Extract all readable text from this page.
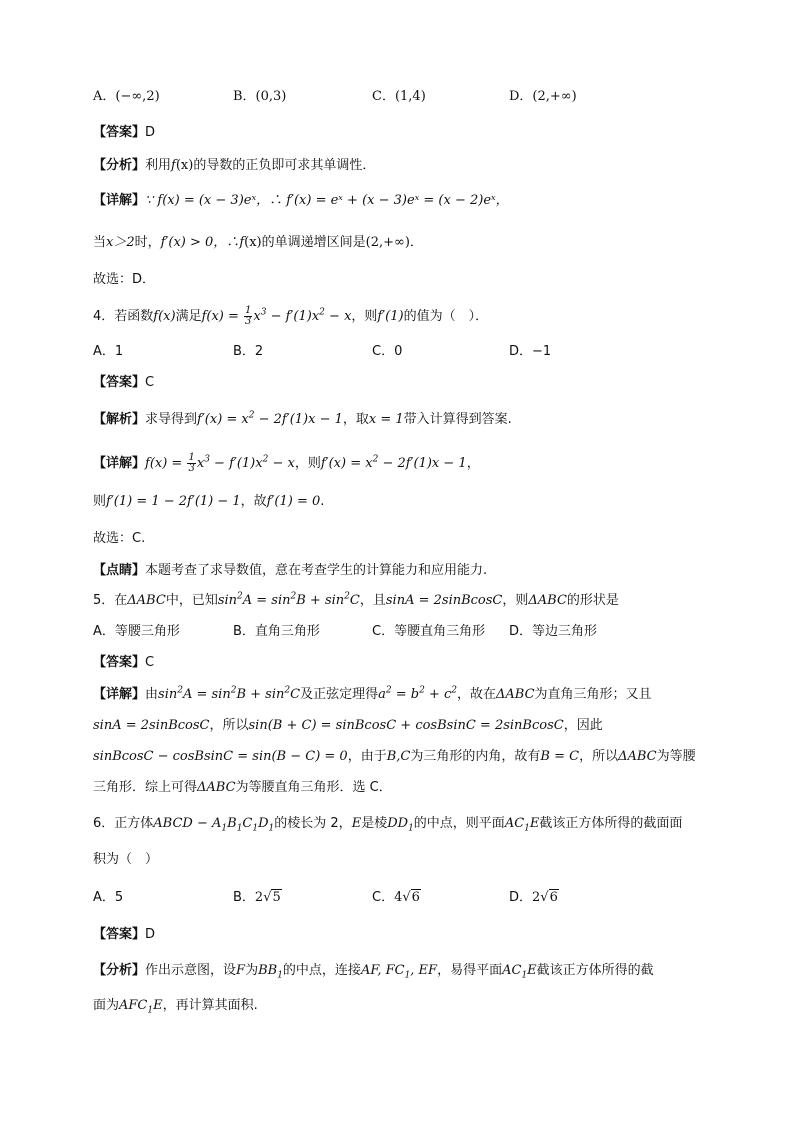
A．(−∞,2)	B．(0,3)	C．(1,4)	D．(2,+∞)
【答案】D
【分析】利用f(x)的导数的正负即可求其单调性．
【详解】∵ f(x) = (x − 3)eˣ，∴ f′(x) = eˣ + (x − 3)eˣ = (x − 2)eˣ，
当x＞2时，f′(x) > 0，∴f(x)的单调递增区间是(2,+∞)．
故选：D．
4．若函数f(x)满足$f(x) = \frac{1}{3} x^3 - f'(1)x^2 - x$，则f′(1)的值为（　）．
A．1	B．2	C．0	D．−1
【答案】C
【解析】求导得到$f'(x) = x^2 - 2f'(1)x - 1$，取x = 1带入计算得到答案.
【详解】$f(x) = \frac{1}{3} x^3 - f'(1)x^2 - x$，则$f'(x) = x^2 - 2f'(1)x - 1$，
则f′(1) = 1 − 2f′(1) − 1，故f′(1) = 0.
故选：C.
【点睛】本题考查了求导数值，意在考查学生的计算能力和应用能力.
5．在ΔABC中，已知$\sin^2A = \sin^2B + \sin^2C$，且sinA = 2sinBcosC，则ΔABC的形状是
A．等腰三角形	B．直角三角形	C．等腰直角三角形 D．等边三角形
【答案】C
【详解】由$\sin^2A = \sin^2B + \sin^2C$及正弦定理得$a^2 = b^2 + c^2$，故在ΔABC为直角三角形；又且
sinA = 2sinBcosC，所以sin(B + C) = sinBcosC + cosBsinC = 2sinBcosC，因此
sinBcosC − cosBsinC = sin(B − C) = 0，由于B,C为三角形的内角，故有B = C，所以ΔABC为等腰
三角形．综上可得ΔABC为等腰直角三角形．选 C．
6．正方体ABCD − $A_1B_1C_1D_1$的棱长为 2，E是棱$DD_1$的中点，则平面$AC_1E$截该正方体所得的截面面
积为（　）
A．5	B．2√5	C．4√6	D．2√6
【答案】D
【分析】作出示意图，设F为$BB_1$的中点，连接AF, $FC_1$, EF，易得平面$AC_1E$截该正方体所得的截
面为$AFC_1E$，再计算其面积.
